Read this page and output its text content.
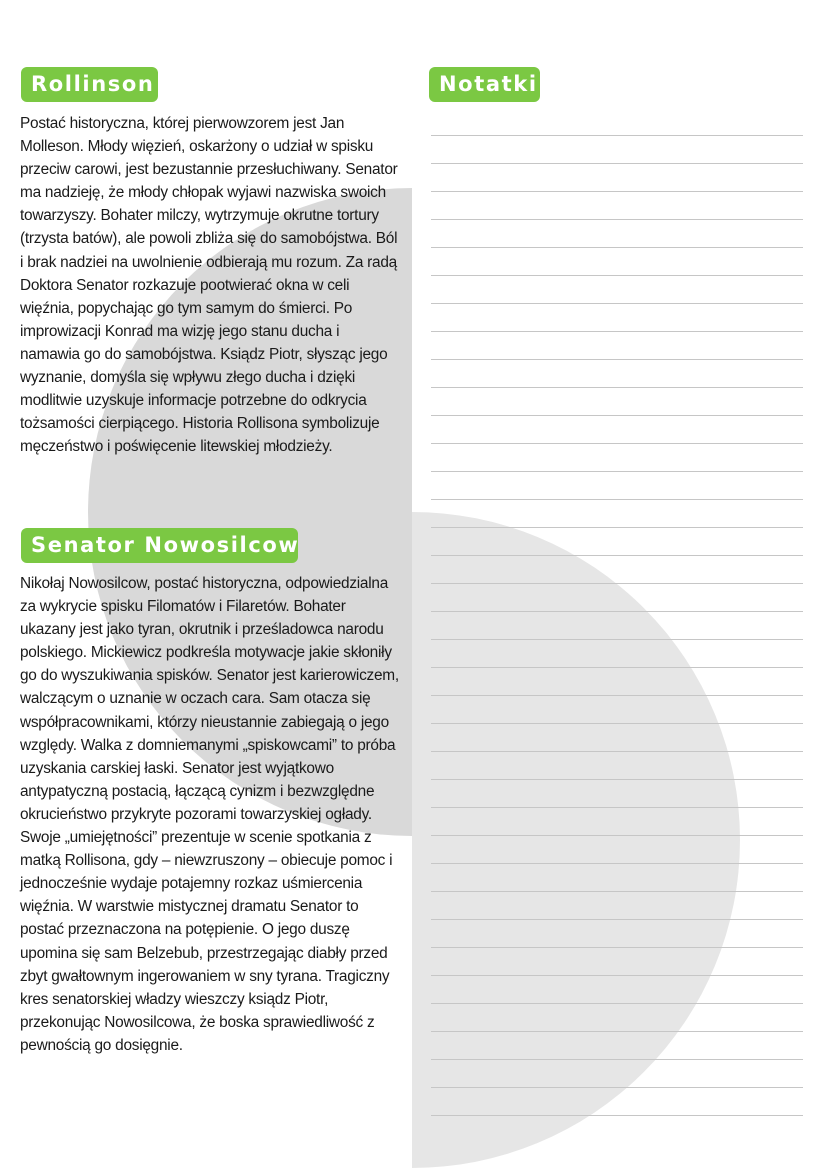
Rollinson

Postać historyczna, której pierwowzorem jest Jan Molleson. Młody więzień, oskarżony o udział w spisku przeciw carowi, jest bezustannie przesłuchiwany. Senator ma nadzieję, że młody chłopak wyjawi nazwiska swoich towarzyszy. Bohater milczy, wytrzymuje okrutne tortury (trzysta batów), ale powoli zbliża się do samobójstwa. Ból i brak nadziei na uwolnienie odbierają mu rozum. Za radą Doktora Senator rozkazuje pootwierać okna w celi więźnia, popychając go tym samym do śmierci. Po improwizacji Konrad ma wizję jego stanu ducha i namawia go do samobójstwa. Ksiądz Piotr, słysząc jego wyznanie, domyśla się wpływu złego ducha i dzięki modlitwie uzyskuje informacje potrzebne do odkrycia tożsamości cierpiącego. Historia Rollisona symbolizuje męczeństwo i poświęcenie litewskiej młodzieży.

Senator Nowosilcow

Nikołaj Nowosilcow, postać historyczna, odpowiedzialna za wykrycie spisku Filomatów i Filaretów. Bohater ukazany jest jako tyran, okrutnik i prześladowca narodu polskiego. Mickiewicz podkreśla motywacje jakie skłoniły go do wyszukiwania spisków. Senator jest karierowiczem, walczącym o uznanie w oczach cara. Sam otacza się współpracownikami, którzy nieustannie zabiegają o jego względy. Walka z domniemanymi „spiskowcami” to próba uzyskania carskiej łaski. Senator jest wyjątkowo antypatyczną postacią, łączącą cynizm i bezwzględne okrucieństwo przykryte pozorami towarzyskiej ogłady. Swoje „umiejętności” prezentuje w scenie spotkania z matką Rollisona, gdy – niewzruszony – obiecuje pomoc i jednocześnie wydaje potajemny rozkaz uśmiercenia więźnia. W warstwie mistycznej dramatu Senator to postać przeznaczona na potępienie. O jego duszę upomina się sam Belzebub, przestrzegając diabły przed zbyt gwałtownym ingerowaniem w sny tyrana. Tragiczny kres senatorskiej władzy wieszczy ksiądz Piotr, przekonując Nowosilcowa, że boska sprawiedliwość z pewnością go dosięgnie.

Notatki
